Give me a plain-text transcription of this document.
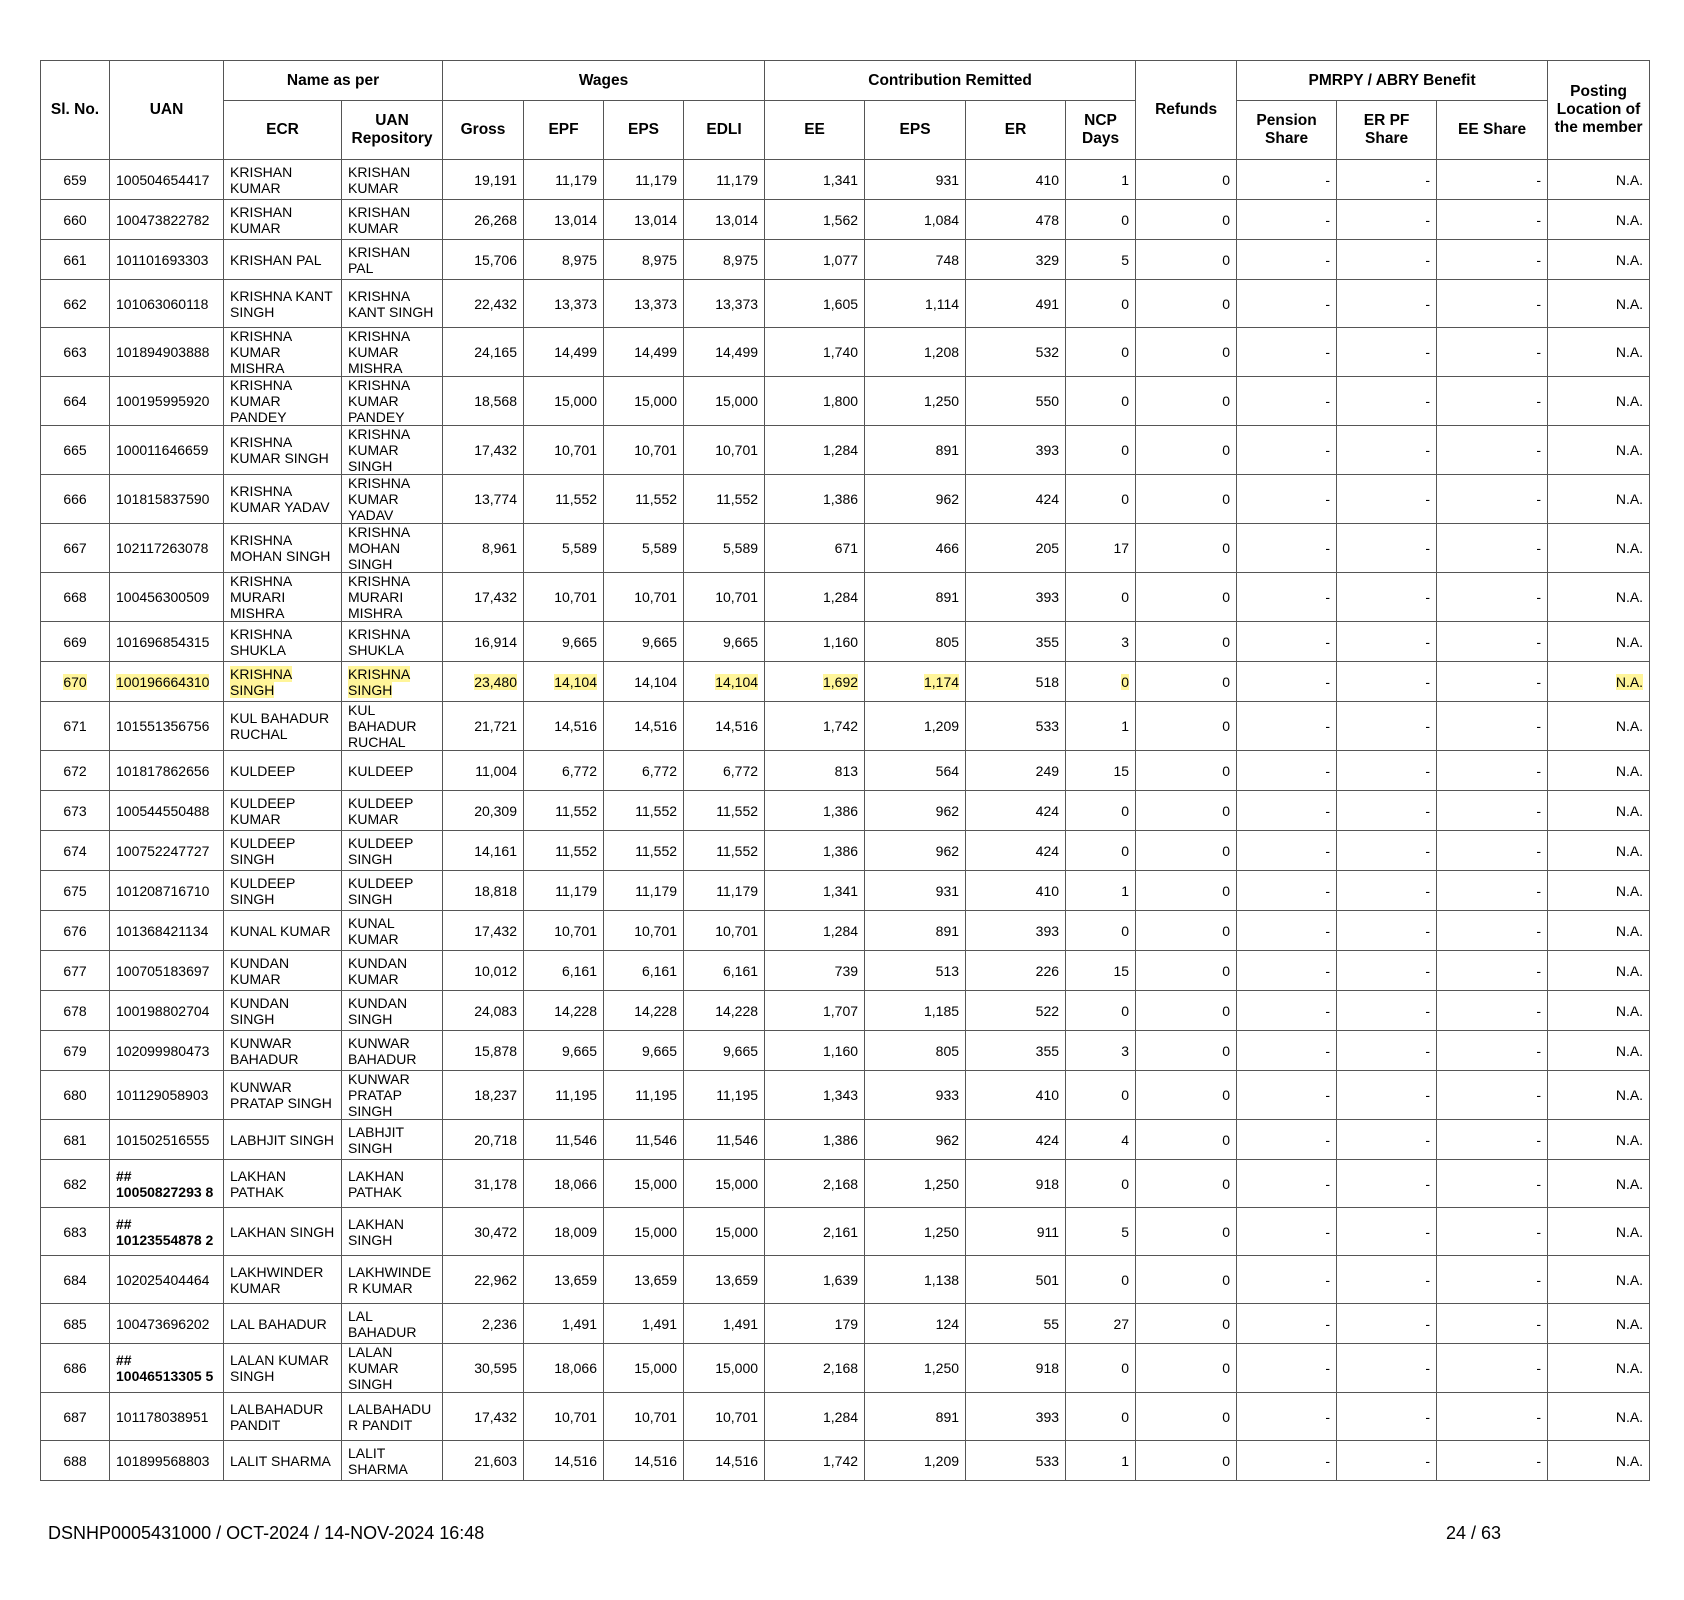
Sl. No.	UAN	Name as per		Wages				Contribution Remitted				Refunds	PMRPY / ABRY Benefit			Posting Location of the member
		ECR	UAN Repository	Gross	EPF	EPS	EDLI	EE	EPS	ER	NCP Days		Pension Share	ER PF Share	EE Share	
659	100504654417	KRISHAN KUMAR	KRISHAN KUMAR	19,191	11,179	11,179	11,179	1,341	931	410	1	0	-	-	-	N.A.
660	100473822782	KRISHAN KUMAR	KRISHAN KUMAR	26,268	13,014	13,014	13,014	1,562	1,084	478	0	0	-	-	-	N.A.
661	101101693303	KRISHAN PAL	KRISHAN PAL	15,706	8,975	8,975	8,975	1,077	748	329	5	0	-	-	-	N.A.
662	101063060118	KRISHNA KANT SINGH	KRISHNA KANT SINGH	22,432	13,373	13,373	13,373	1,605	1,114	491	0	0	-	-	-	N.A.
663	101894903888	KRISHNA KUMAR MISHRA	KRISHNA KUMAR MISHRA	24,165	14,499	14,499	14,499	1,740	1,208	532	0	0	-	-	-	N.A.
664	100195995920	KRISHNA KUMAR PANDEY	KRISHNA KUMAR PANDEY	18,568	15,000	15,000	15,000	1,800	1,250	550	0	0	-	-	-	N.A.
665	100011646659	KRISHNA KUMAR SINGH	KRISHNA KUMAR SINGH	17,432	10,701	10,701	10,701	1,284	891	393	0	0	-	-	-	N.A.
666	101815837590	KRISHNA KUMAR YADAV	KRISHNA KUMAR YADAV	13,774	11,552	11,552	11,552	1,386	962	424	0	0	-	-	-	N.A.
667	102117263078	KRISHNA MOHAN SINGH	KRISHNA MOHAN SINGH	8,961	5,589	5,589	5,589	671	466	205	17	0	-	-	-	N.A.
668	100456300509	KRISHNA MURARI MISHRA	KRISHNA MURARI MISHRA	17,432	10,701	10,701	10,701	1,284	891	393	0	0	-	-	-	N.A.
669	101696854315	KRISHNA SHUKLA	KRISHNA SHUKLA	16,914	9,665	9,665	9,665	1,160	805	355	3	0	-	-	-	N.A.
670	100196664310	KRISHNA SINGH	KRISHNA SINGH	23,480	14,104	14,104	14,104	1,692	1,174	518	0	0	-	-	-	N.A.
671	101551356756	KUL BAHADUR RUCHAL	KUL BAHADUR RUCHAL	21,721	14,516	14,516	14,516	1,742	1,209	533	1	0	-	-	-	N.A.
672	101817862656	KULDEEP	KULDEEP	11,004	6,772	6,772	6,772	813	564	249	15	0	-	-	-	N.A.
673	100544550488	KULDEEP KUMAR	KULDEEP KUMAR	20,309	11,552	11,552	11,552	1,386	962	424	0	0	-	-	-	N.A.
674	100752247727	KULDEEP SINGH	KULDEEP SINGH	14,161	11,552	11,552	11,552	1,386	962	424	0	0	-	-	-	N.A.
675	101208716710	KULDEEP SINGH	KULDEEP SINGH	18,818	11,179	11,179	11,179	1,341	931	410	1	0	-	-	-	N.A.
676	101368421134	KUNAL KUMAR	KUNAL KUMAR	17,432	10,701	10,701	10,701	1,284	891	393	0	0	-	-	-	N.A.
677	100705183697	KUNDAN KUMAR	KUNDAN KUMAR	10,012	6,161	6,161	6,161	739	513	226	15	0	-	-	-	N.A.
678	100198802704	KUNDAN SINGH	KUNDAN SINGH	24,083	14,228	14,228	14,228	1,707	1,185	522	0	0	-	-	-	N.A.
679	102099980473	KUNWAR BAHADUR	KUNWAR BAHADUR	15,878	9,665	9,665	9,665	1,160	805	355	3	0	-	-	-	N.A.
680	101129058903	KUNWAR PRATAP SINGH	KUNWAR PRATAP SINGH	18,237	11,195	11,195	11,195	1,343	933	410	0	0	-	-	-	N.A.
681	101502516555	LABHJIT SINGH	LABHJIT SINGH	20,718	11,546	11,546	11,546	1,386	962	424	4	0	-	-	-	N.A.
682	## 10050827293 8	LAKHAN PATHAK	LAKHAN PATHAK	31,178	18,066	15,000	15,000	2,168	1,250	918	0	0	-	-	-	N.A.
683	## 10123554878 2	LAKHAN SINGH	LAKHAN SINGH	30,472	18,009	15,000	15,000	2,161	1,250	911	5	0	-	-	-	N.A.
684	102025404464	LAKHWINDER KUMAR	LAKHWINDE R KUMAR	22,962	13,659	13,659	13,659	1,639	1,138	501	0	0	-	-	-	N.A.
685	100473696202	LAL BAHADUR	LAL BAHADUR	2,236	1,491	1,491	1,491	179	124	55	27	0	-	-	-	N.A.
686	## 10046513305 5	LALAN KUMAR SINGH	LALAN KUMAR SINGH	30,595	18,066	15,000	15,000	2,168	1,250	918	0	0	-	-	-	N.A.
687	101178038951	LALBAHADUR PANDIT	LALBAHADU R PANDIT	17,432	10,701	10,701	10,701	1,284	891	393	0	0	-	-	-	N.A.
688	101899568803	LALIT SHARMA	LALIT SHARMA	21,603	14,516	14,516	14,516	1,742	1,209	533	1	0	-	-	-	N.A.
DSNHP0005431000 / OCT-2024 / 14-NOV-2024 16:48	24 / 63
